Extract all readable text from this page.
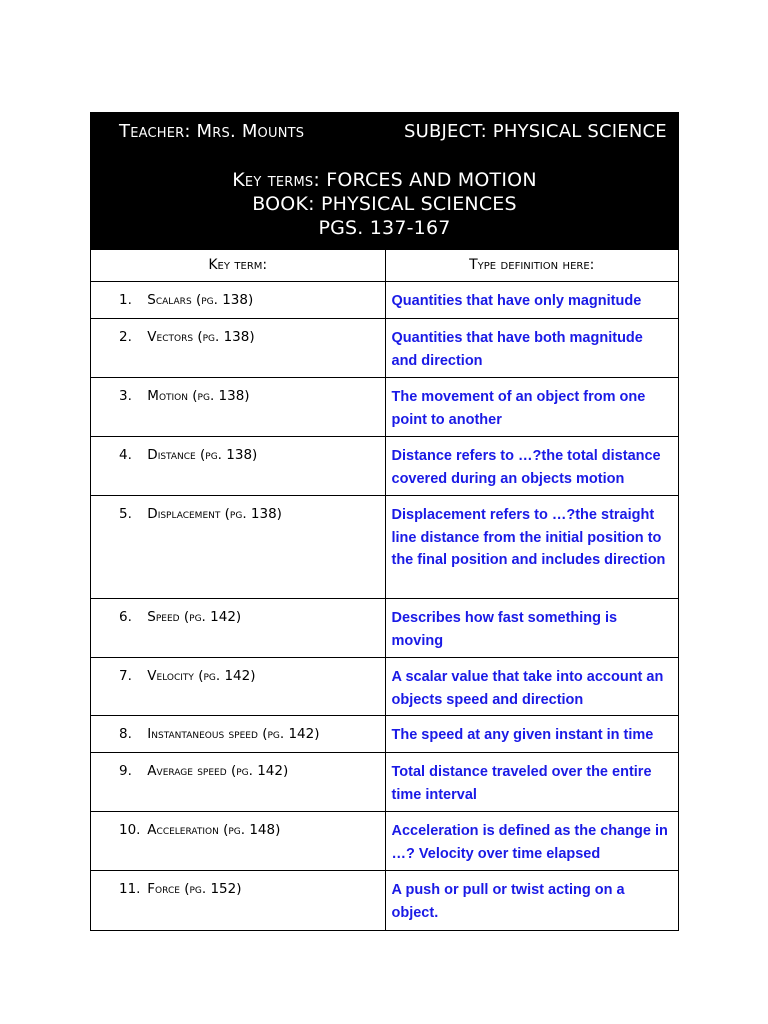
Teacher: Mrs. Mounts	SUBJECT: PHYSICAL SCIENCE
Key terms: FORCES AND MOTION
BOOK: PHYSICAL SCIENCES
PGS. 137-167
Key term:	Type definition here:
1. Scalars (pg. 138)	Quantities that have only magnitude
2. Vectors (pg. 138)	Quantities that have both magnitude and direction
3. Motion (pg. 138)	The movement of an object from one point to another
4. Distance (pg. 138)	Distance refers to …?the total distance covered during an objects motion
5. Displacement (pg. 138)	Displacement refers to …?the straight line distance from the initial position to the final position and includes direction
6. Speed (pg. 142)	Describes how fast something is moving
7. Velocity (pg. 142)	A scalar value that take into account an objects speed and direction
8. Instantaneous speed (pg. 142)	The speed at any given instant in time
9. Average speed (pg. 142)	Total distance traveled over the entire time interval
10. Acceleration (pg. 148)	Acceleration is defined as the change in …? Velocity over time elapsed
11. Force (pg. 152)	A push or pull or twist acting on a object.
